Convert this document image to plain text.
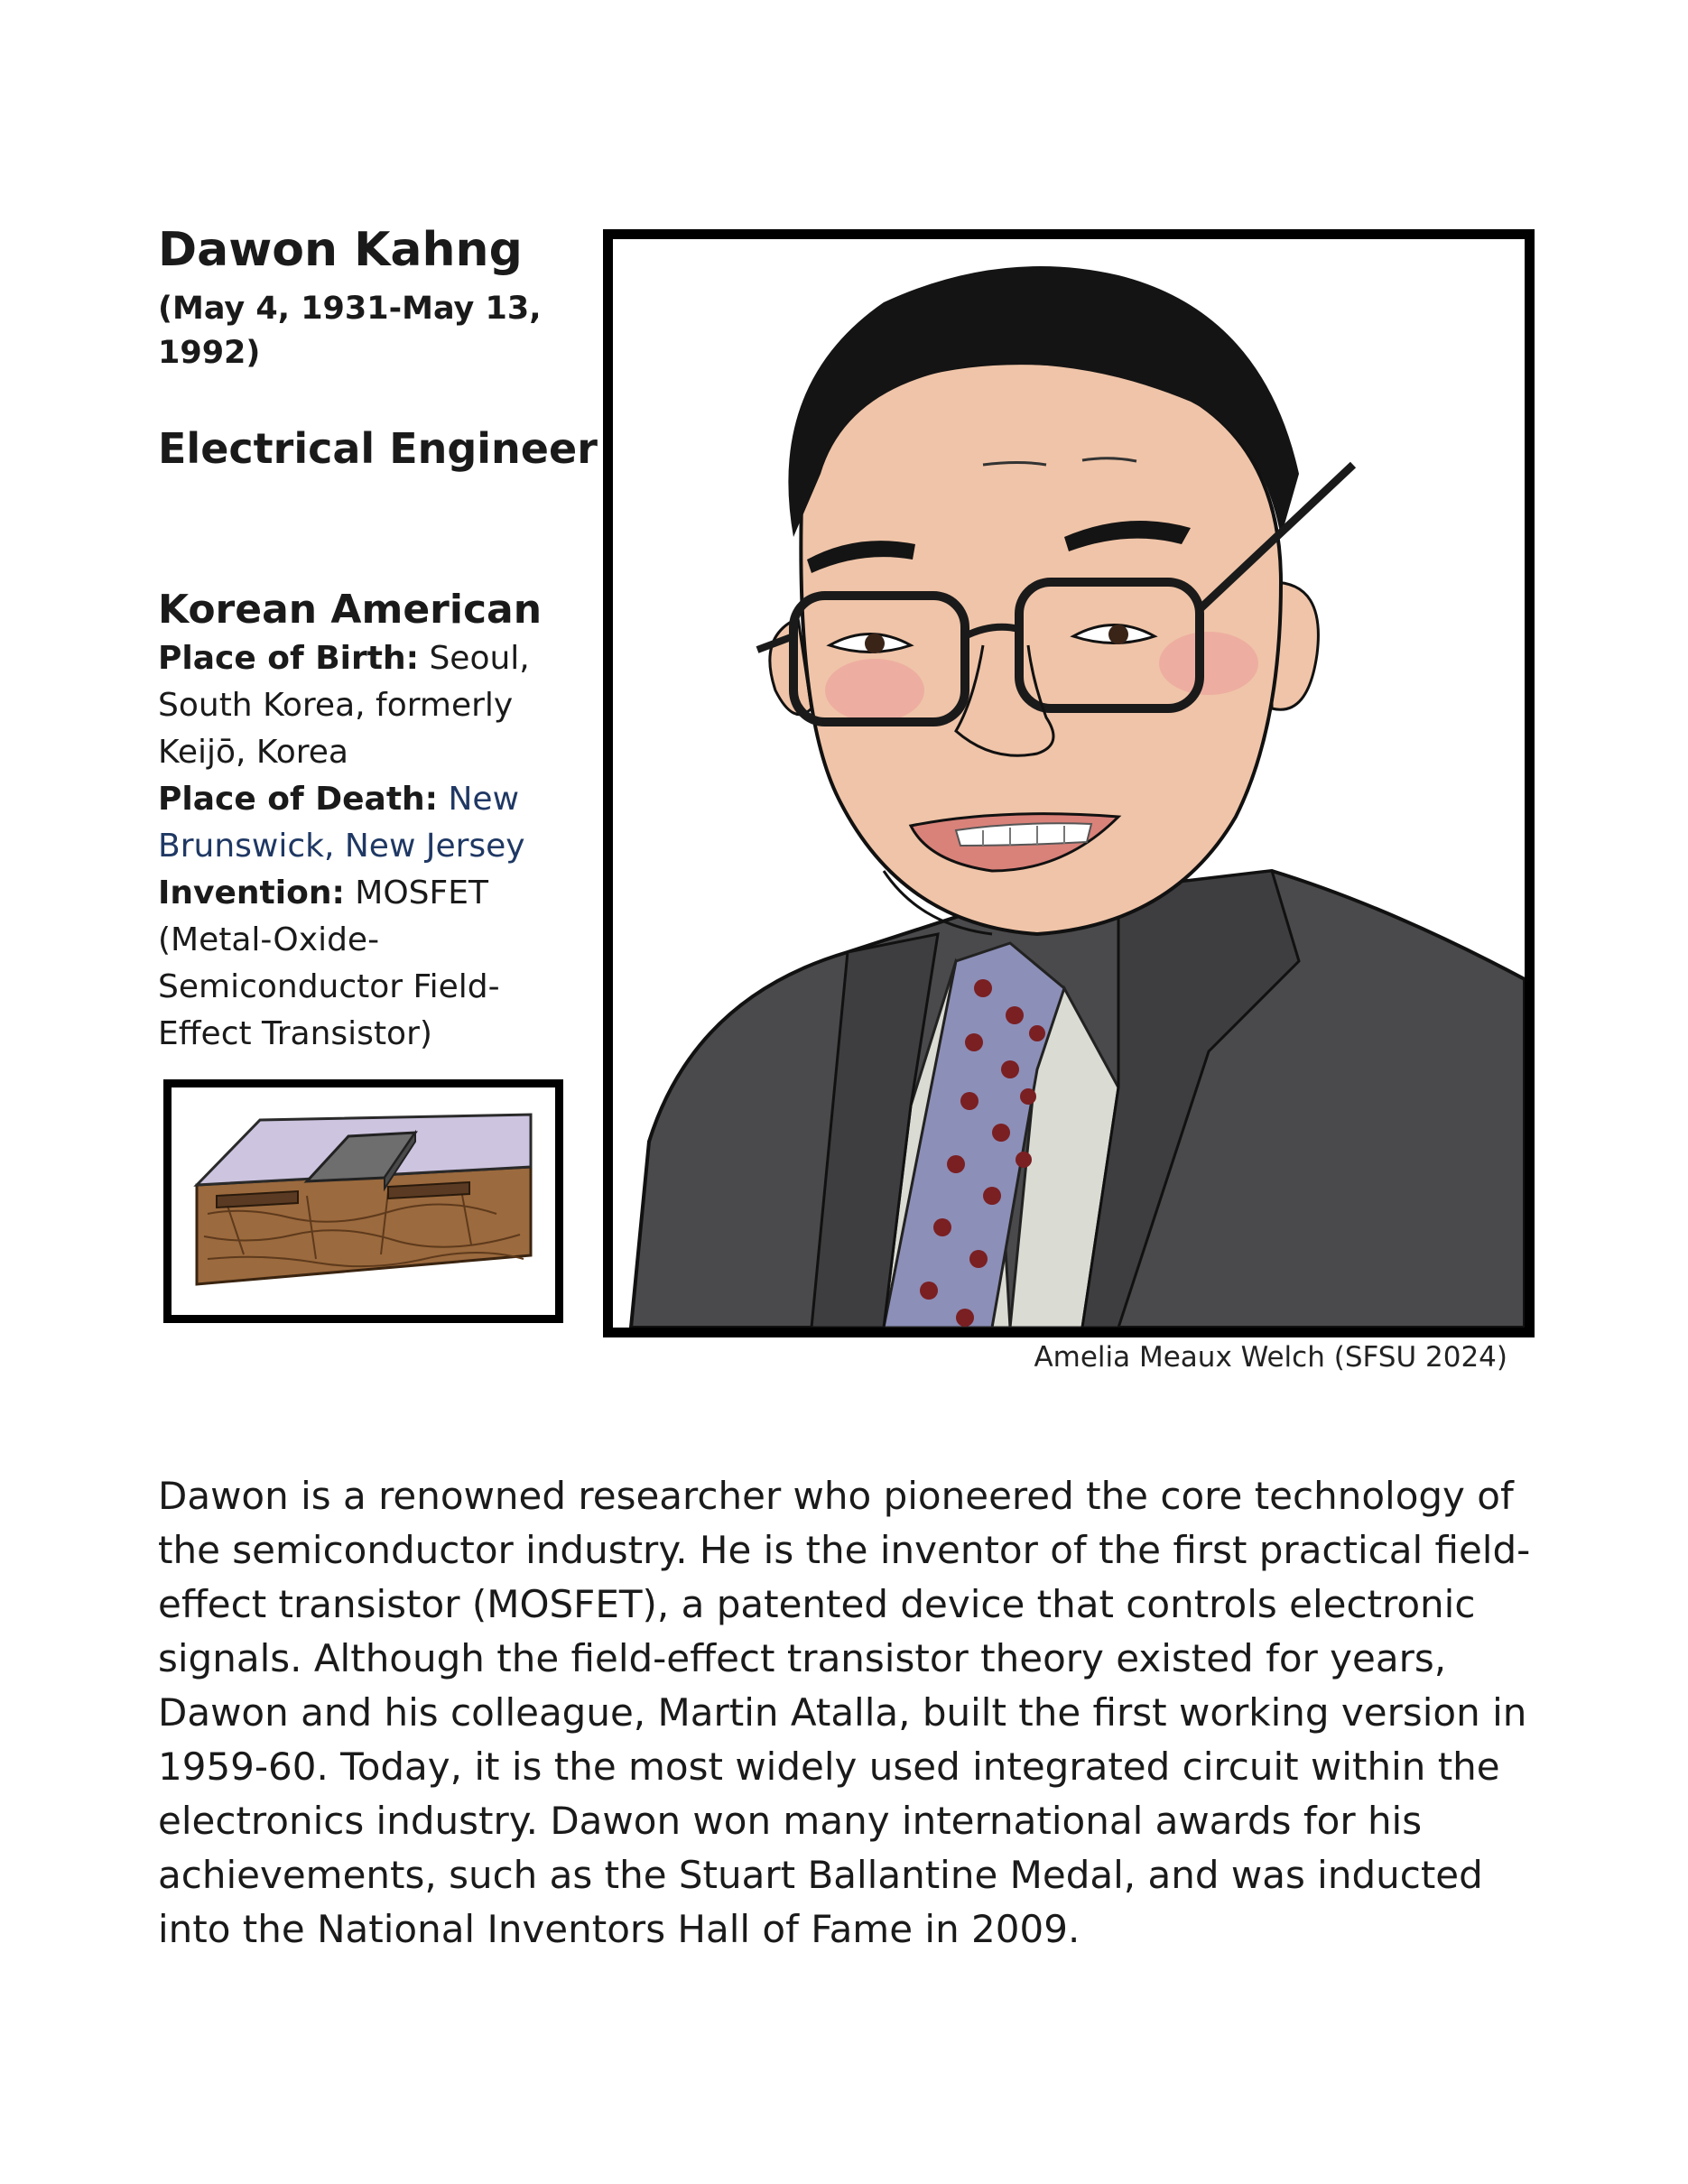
Dawon Kahng
(May 4, 1931-May 13, 1992)
Electrical Engineer
Korean American
Place of Birth: Seoul, South Korea, formerly Keijō, Korea
Place of Death: New Brunswick, New Jersey
Invention: MOSFET (Metal-Oxide-Semiconductor Field-Effect Transistor)
Amelia Meaux Welch (SFSU 2024)

Dawon is a renowned researcher who pioneered the core technology of the semiconductor industry. He is the inventor of the first practical field-effect transistor (MOSFET), a patented device that controls electronic signals. Although the field-effect transistor theory existed for years, Dawon and his colleague, Martin Atalla, built the first working version in 1959-60. Today, it is the most widely used integrated circuit within the electronics industry. Dawon won many international awards for his achievements, such as the Stuart Ballantine Medal, and was inducted into the National Inventors Hall of Fame in 2009.
